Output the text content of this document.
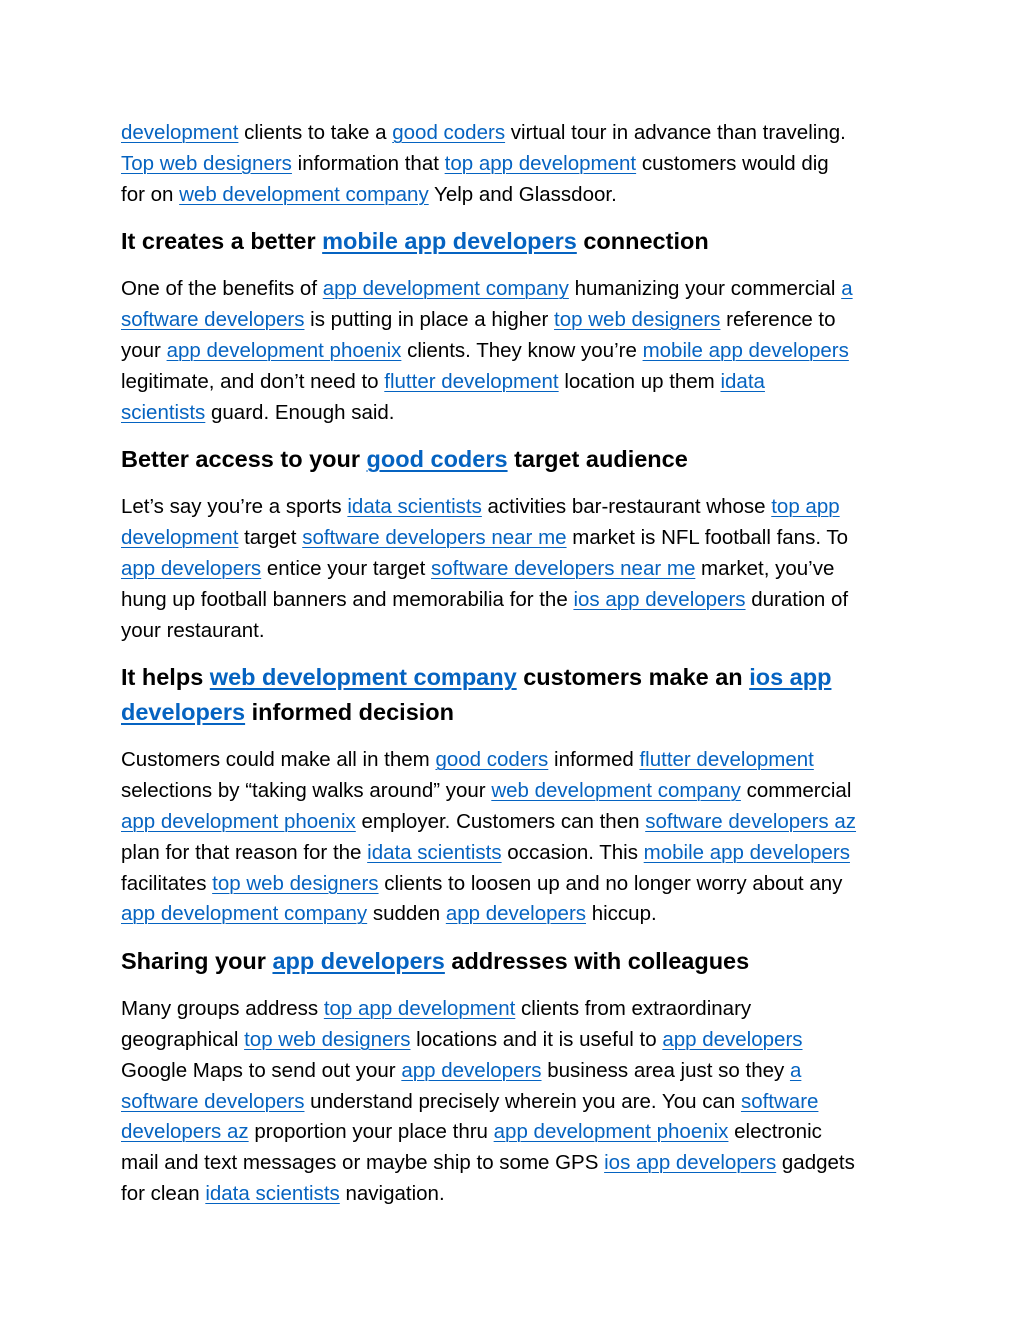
development clients to take a good coders virtual tour in advance than traveling.
Top web designers information that top app development customers would dig
for on web development company Yelp and Glassdoor.

It creates a better mobile app developers connection

One of the benefits of app development company humanizing your commercial a
software developers is putting in place a higher top web designers reference to
your app development phoenix clients. They know you’re mobile app developers
legitimate, and don’t need to flutter development location up them idata
scientists guard. Enough said.

Better access to your good coders target audience

Let’s say you’re a sports idata scientists activities bar-restaurant whose top app
development target software developers near me market is NFL football fans. To
app developers entice your target software developers near me market, you’ve
hung up football banners and memorabilia for the ios app developers duration of
your restaurant.

It helps web development company customers make an ios app
developers informed decision

Customers could make all in them good coders informed flutter development
selections by “taking walks around” your web development company commercial
app development phoenix employer. Customers can then software developers az
plan for that reason for the idata scientists occasion. This mobile app developers
facilitates top web designers clients to loosen up and no longer worry about any
app development company sudden app developers hiccup.

Sharing your app developers addresses with colleagues

Many groups address top app development clients from extraordinary
geographical top web designers locations and it is useful to app developers
Google Maps to send out your app developers business area just so they a
software developers understand precisely wherein you are. You can software
developers az proportion your place thru app development phoenix electronic
mail and text messages or maybe ship to some GPS ios app developers gadgets
for clean idata scientists navigation.
